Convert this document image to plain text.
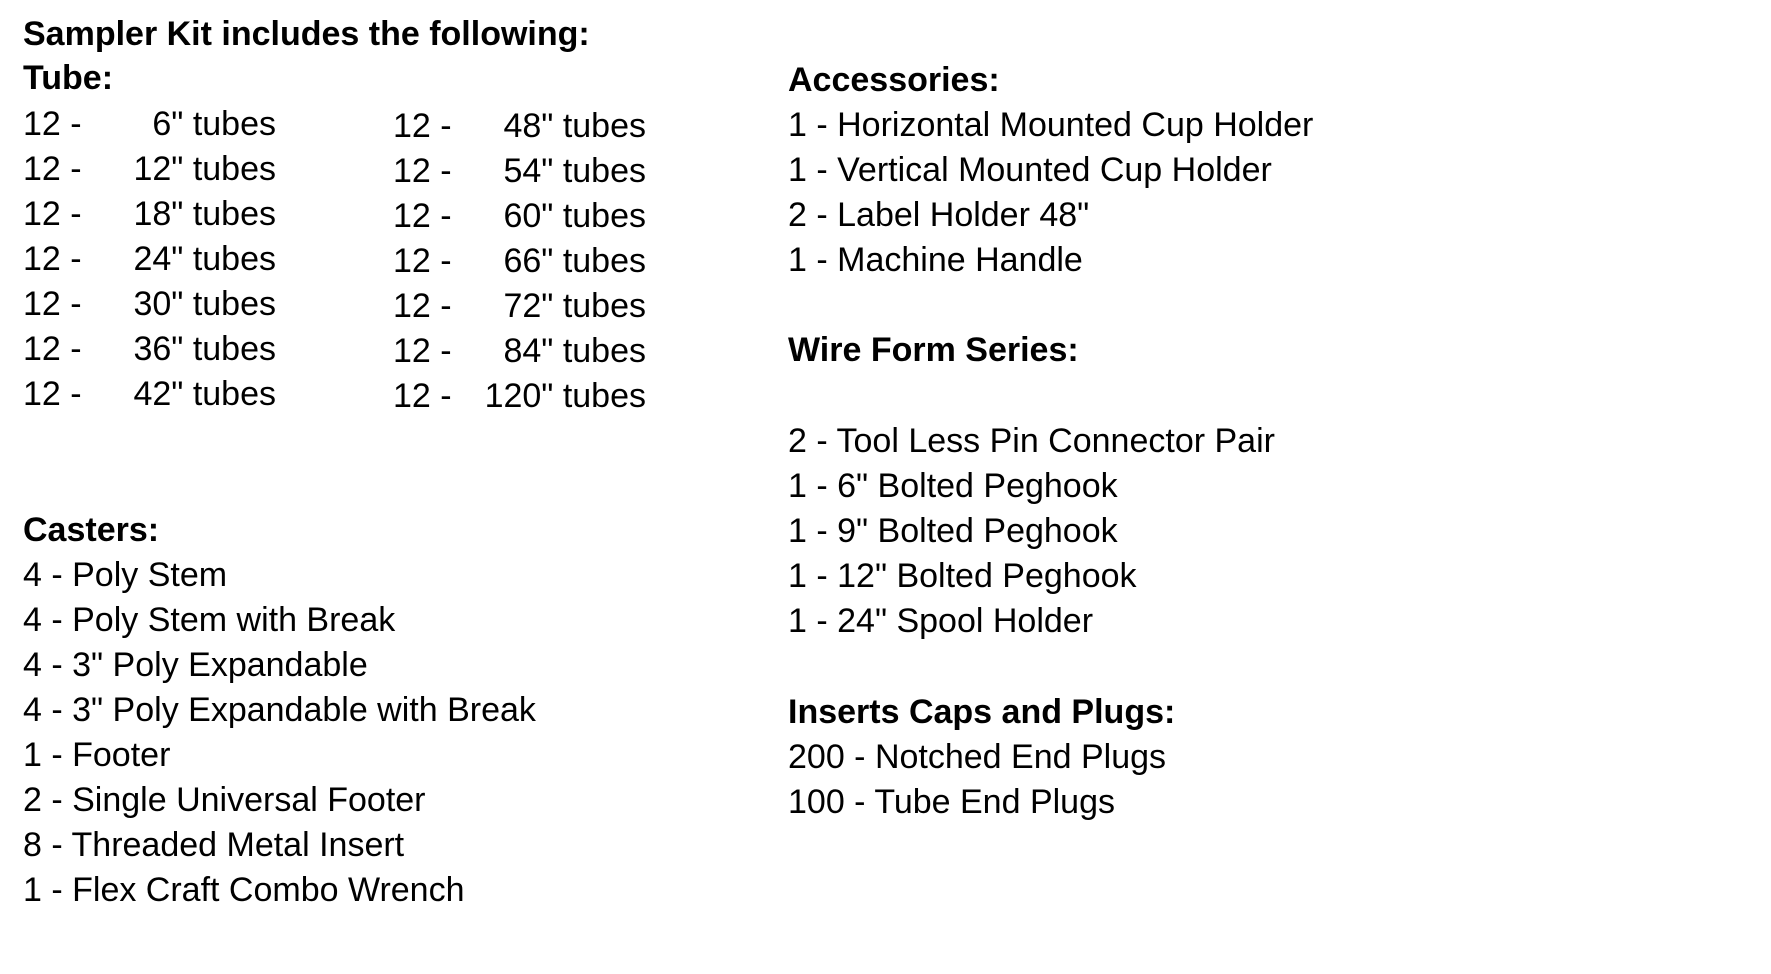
Sampler Kit includes the following:
Tube:
12 -	6" tubes
12 -	12" tubes
12 -	18" tubes
12 -	24" tubes
12 -	30" tubes
12 -	36" tubes
12 -	42" tubes
12 -	48" tubes
12 -	54" tubes
12 -	60" tubes
12 -	66" tubes
12 -	72" tubes
12 -	84" tubes
12 - 120" tubes
Casters:
4 - Poly Stem
4 - Poly Stem with Break
4 - 3" Poly Expandable
4 - 3" Poly Expandable with Break
1 - Footer
2 - Single Universal Footer
8 - Threaded Metal Insert
1 - Flex Craft Combo Wrench
Accessories:
1 - Horizontal Mounted Cup Holder
1 - Vertical Mounted Cup Holder
2 - Label Holder 48"
1 - Machine Handle
Wire Form Series:
2 - Tool Less Pin Connector Pair
1 - 6" Bolted Peghook
1 - 9" Bolted Peghook
1 - 12" Bolted Peghook
1 - 24" Spool Holder
Inserts Caps and Plugs:
200 - Notched End Plugs
100 - Tube End Plugs
